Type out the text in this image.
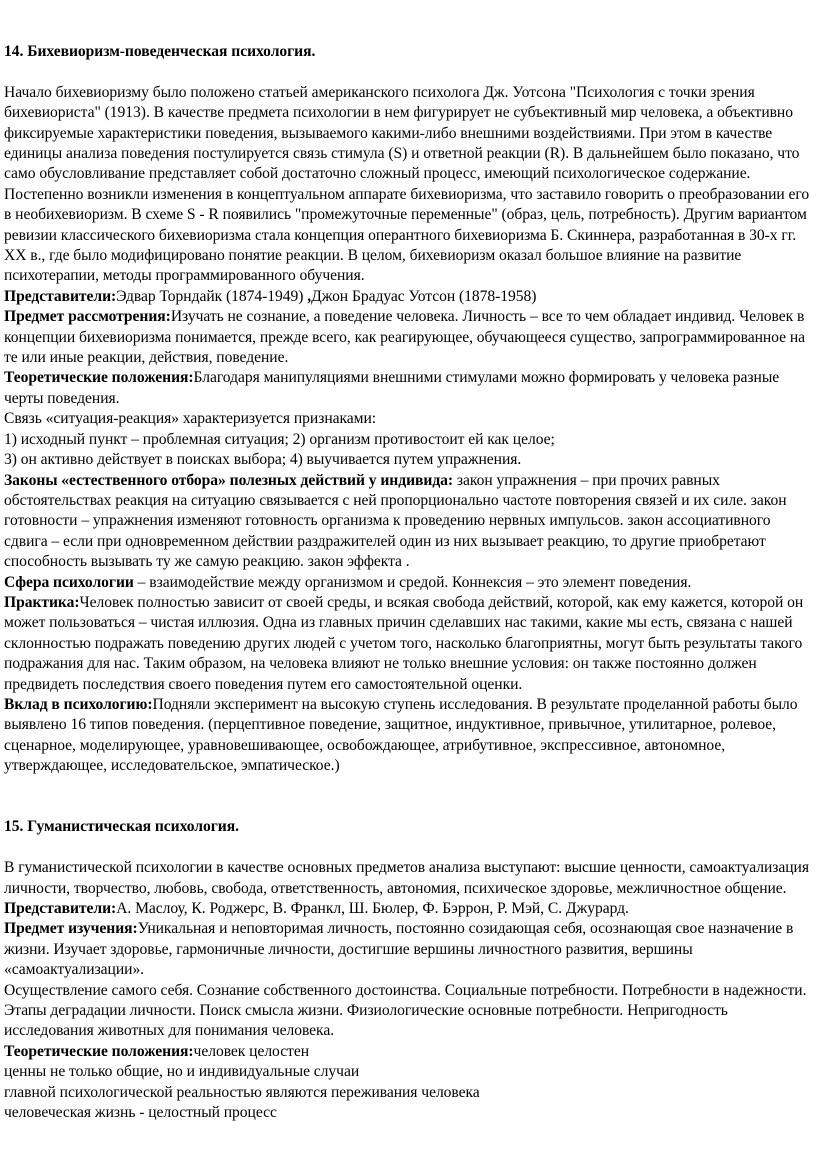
14. Бихевиоризм-поведенческая психология.

Начало бихевиоризму было положено статьей американского психолога Дж. Уотсона "Психология с точки зрения бихевиориста" (1913). В качестве предмета психологии в нем фигурирует не субъективный мир человека, а объективно фиксируемые характеристики поведения, вызываемого какими-либо внешними воздействиями. При этом в качестве единицы анализа поведения постулируется связь стимула (S) и ответной реакции (R). В дальнейшем было показано, что само обусловливание представляет собой достаточно сложный процесс, имеющий психологическое содержание. Постепенно возникли изменения в концептуальном аппарате бихевиоризма, что заставило говорить о преобразовании его в необихевиоризм. В схеме S - R появились "промежуточные переменные" (образ, цель, потребность). Другим вариантом ревизии классического бихевиоризма стала концепция оперантного бихевиоризма Б. Скиннера, разработанная в 30-х гг. XX в., где было модифицировано понятие реакции. В целом, бихевиоризм оказал большое влияние на развитие психотерапии, методы программированного обучения.

Представители:Эдвар Торндайк (1874-1949) ,Джон Брадуас Уотсон (1878-1958)

Предмет рассмотрения:Изучать не сознание, а поведение человека. Личность – все то чем обладает индивид. Человек в концепции бихевиоризма понимается, прежде всего, как реагирующее, обучающееся существо, запрограммированное на те или иные реакции, действия, поведение.

Теоретические положения:Благодаря манипуляциями внешними стимулами можно формировать у человека разные черты поведения.

Связь «ситуация-реакция» характеризуется признаками:

1) исходный пункт – проблемная ситуация; 2) организм противостоит ей как целое;

3) он активно действует в поисках выбора; 4) выучивается путем упражнения.

Законы «естественного отбора» полезных действий у индивида: закон упражнения – при прочих равных обстоятельствах реакция на ситуацию связывается с ней пропорционально частоте повторения связей и их силе. закон готовности – упражнения изменяют готовность организма к проведению нервных импульсов. закон ассоциативного сдвига – если при одновременном действии раздражителей один из них вызывает реакцию, то другие приобретают способность вызывать ту же самую реакцию. закон эффекта .

Сфера психологии – взаимодействие между организмом и средой. Коннексия – это элемент поведения.

Практика:Человек полностью зависит от своей среды, и всякая свобода действий, которой, как ему кажется, которой он может пользоваться – чистая иллюзия. Одна из главных причин сделавших нас такими, какие мы есть, связана с нашей склонностью подражать поведению других людей с учетом того, насколько благоприятны, могут быть результаты такого подражания для нас. Таким образом, на человека влияют не только внешние условия: он также постоянно должен предвидеть последствия своего поведения путем его самостоятельной оценки.

Вклад в психологию:Подняли эксперимент на высокую ступень исследования. В результате проделанной работы было выявлено 16 типов поведения. (перцептивное поведение, защитное, индуктивное, привычное, утилитарное, ролевое, сценарное, моделирующее, уравновешивающее, освобождающее, атрибутивное, экспрессивное, автономное, утверждающее, исследовательское, эмпатическое.)

15. Гуманистическая психология.

В гуманистической психологии в качестве основных предметов анализа выступают: высшие ценности, самоактуализация личности, творчество, любовь, свобода, ответственность, автономия, психическое здоровье, межличностное общение.

Представители:А. Маслоу, К. Роджерс, В. Франкл, Ш. Бюлер, Ф. Бэррон, Р. Мэй, С. Джурард.

Предмет изучения:Уникальная и неповторимая личность, постоянно созидающая себя, осознающая свое назначение в жизни. Изучает здоровье, гармоничные личности, достигшие вершины личностного развития, вершины «самоактуализации».

Осуществление самого себя. Сознание собственного достоинства. Социальные потребности. Потребности в надежности. Этапы деградации личности. Поиск смысла жизни. Физиологические основные потребности. Непригодность исследования животных для понимания человека.

Теоретические положения:человек целостен

ценны не только общие, но и индивидуальные случаи

главной психологической реальностью являются переживания человека

человеческая жизнь - целостный процесс
